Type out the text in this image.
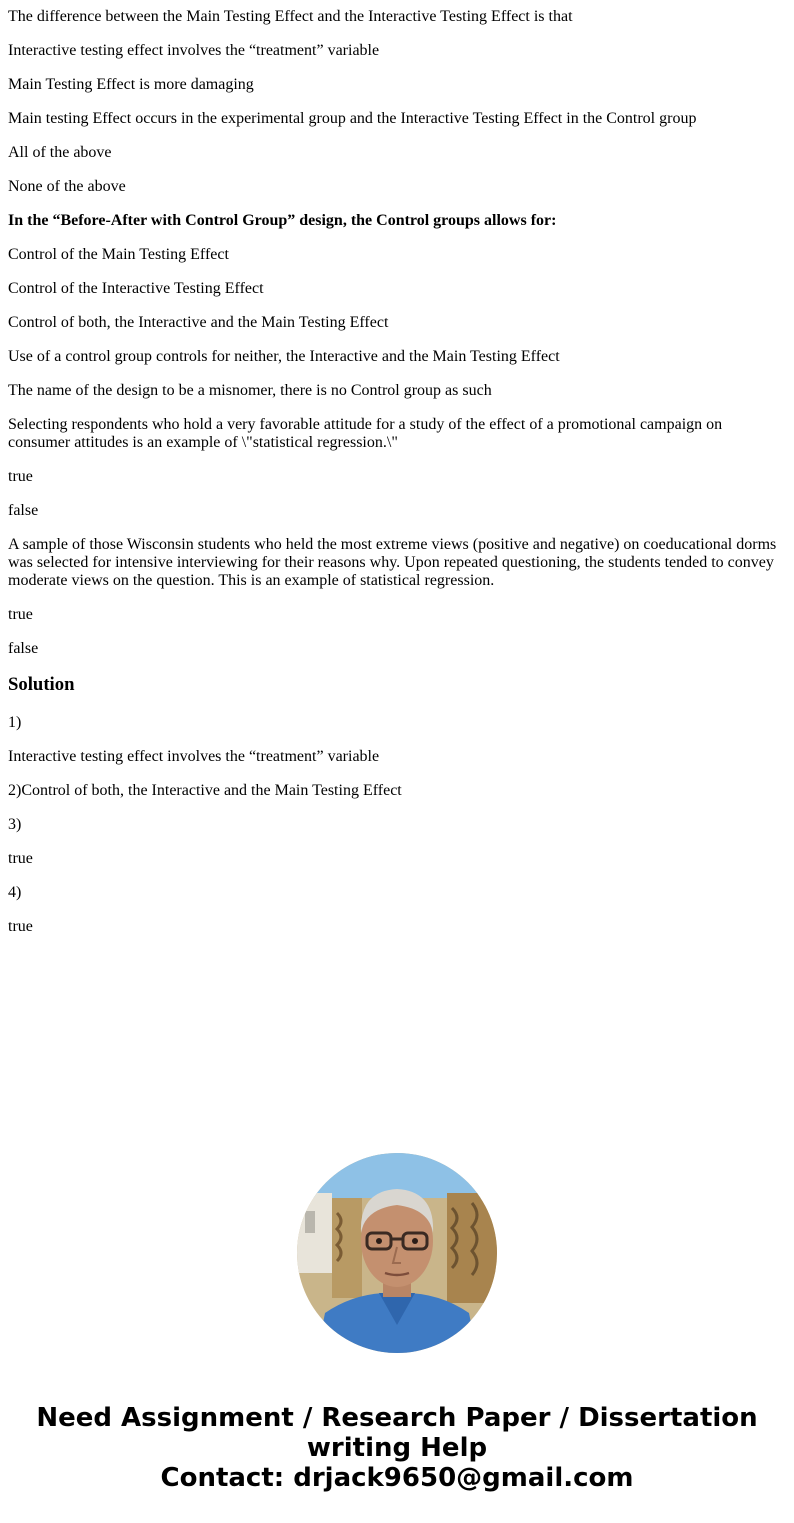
The difference between the Main Testing Effect and the Interactive Testing Effect is that

Interactive testing effect involves the “treatment” variable

Main Testing Effect is more damaging

Main testing Effect occurs in the experimental group and the Interactive Testing Effect in the Control group

All of the above

None of the above

In the “Before-After with Control Group” design, the Control groups allows for:

Control of the Main Testing Effect

Control of the Interactive Testing Effect

Control of both, the Interactive and the Main Testing Effect

Use of a control group controls for neither, the Interactive and the Main Testing Effect

The name of the design to be a misnomer, there is no Control group as such

Selecting respondents who hold a very favorable attitude for a study of the effect of a promotional campaign on consumer attitudes is an example of \"statistical regression.\"

true

false

A sample of those Wisconsin students who held the most extreme views (positive and negative) on coeducational dorms was selected for intensive interviewing for their reasons why. Upon repeated questioning, the students tended to convey moderate views on the question. This is an example of statistical regression.

true

false

Solution

1)

Interactive testing effect involves the “treatment” variable

2)Control of both, the Interactive and the Main Testing Effect

3)

true

4)

true

Need Assignment / Research Paper / Dissertation
writing Help
Contact: drjack9650@gmail.com
